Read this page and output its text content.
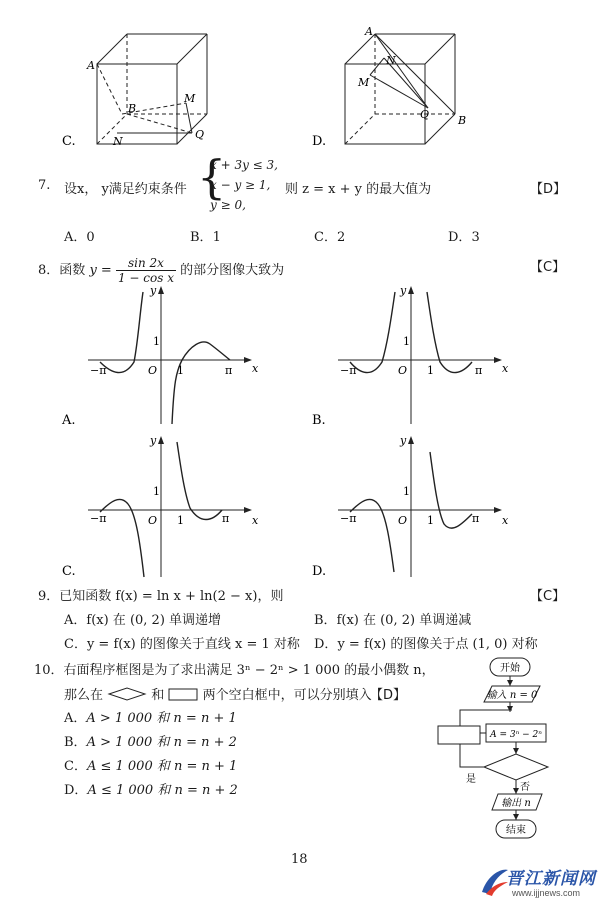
A
B
M
N
Q
C.
A
N
M
Q	B
D.
7. 设x， y满足约束条件 {
x + 3y ≤ 3,
x − y ≥ 1,
y ≥ 0,
则 z = x + y 的最大值为	【D】
A．0	B．1	C．2	D．3
8．函数 $y = \frac{\sin 2x}{\text{1 − cos x}}$ 的部分图像大致为	【C】
y
x
1
−π	O 1	π
A.
y
x
1
−π	O 1	π
B.
y
x
1
−π	O 1	π
C.
y
x
1
−π	O 1	π
D.
9．已知函数 f(x) = ln x + ln(2 − x)，则	【C】
A．f(x) 在 (0, 2) 单调递增	B．f(x) 在 (0, 2) 单调递减
C．y = f(x) 的图像关于直线 x = 1 对称 D．y = f(x) 的图像关于点 (1, 0) 对称
10．右面程序框图是为了求出满足 3ⁿ − 2ⁿ > 1 000 的最小偶数 n，
那么在	和	两个空白框中，可以分别填入
【D】
A．A > 1 000 和 n = n + 1
B．A > 1 000 和 n = n + 2
C．A ≤ 1 000 和 n = n + 1
D．A ≤ 1 000 和 n = n + 2
开始
输入 n = 0
A = 3ⁿ − 2ⁿ
是
否
输出 n
结束
18
晋江新闻网
www.ijjnews.com
